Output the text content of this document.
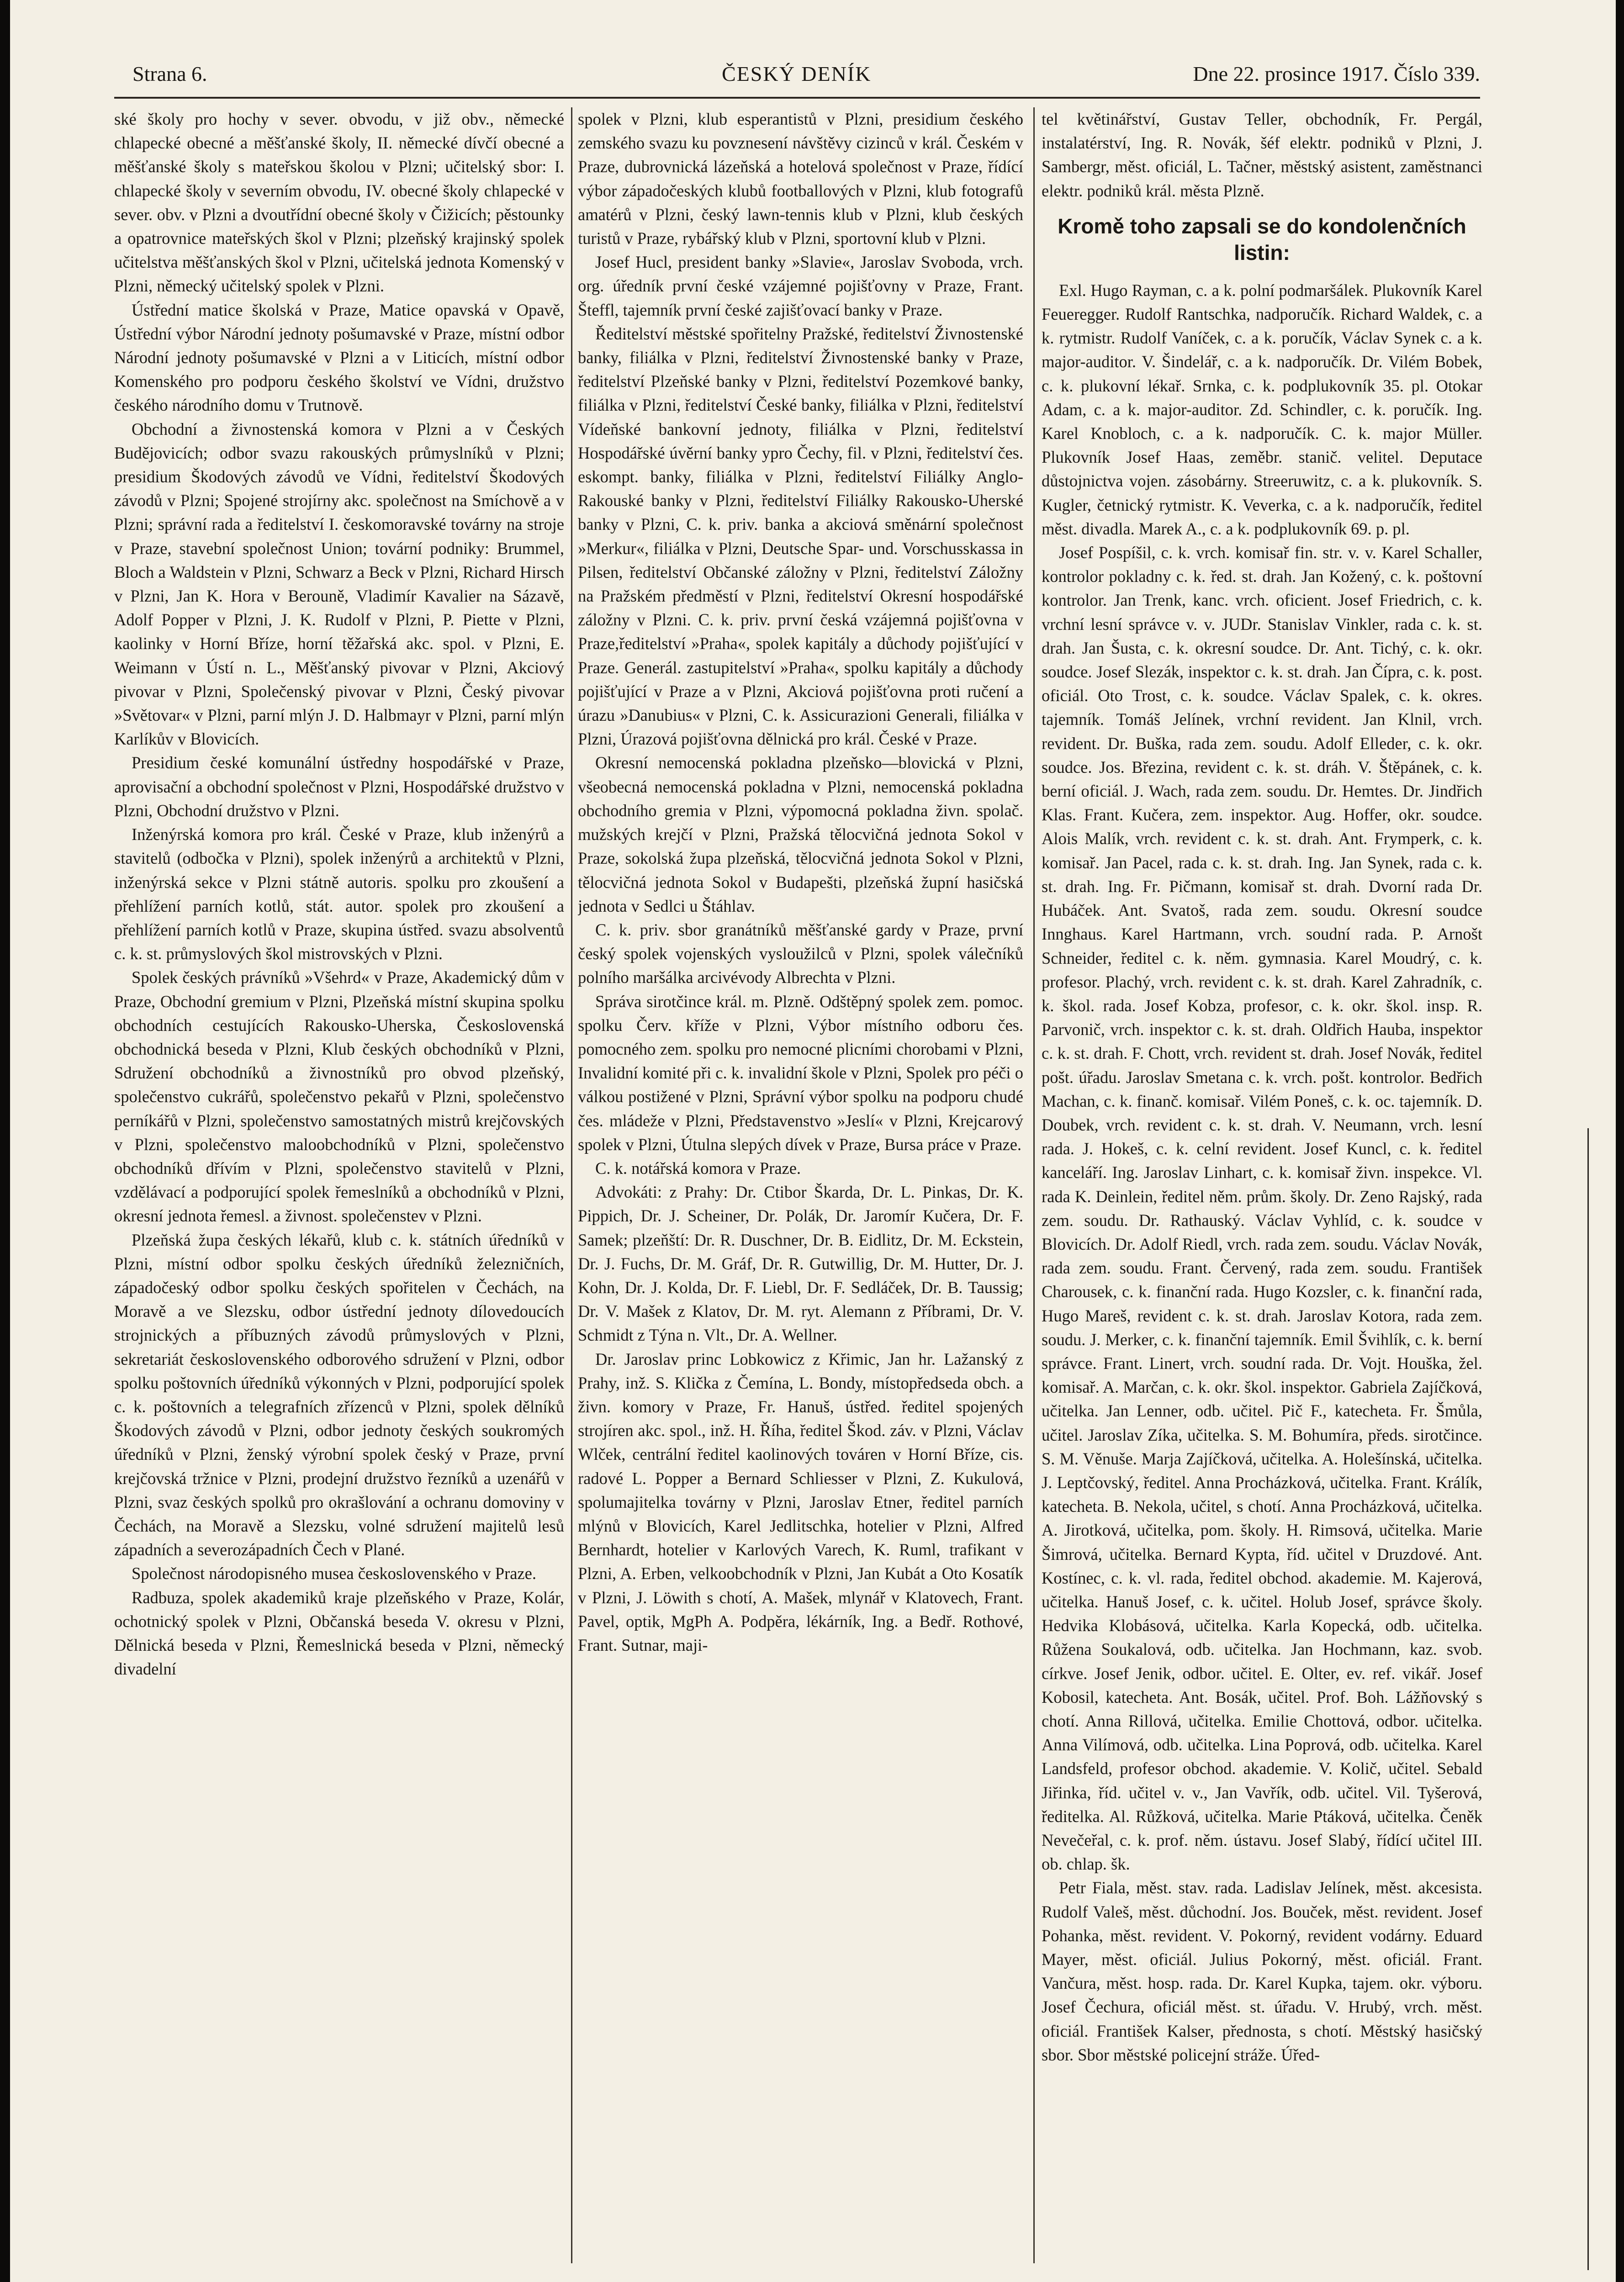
Strana 6.	ČESKÝ DENÍK	Dne 22. prosince 1917. Číslo 339.

ské školy pro hochy v sever. obvodu, v již obv., německé chlapecké obecné a měšťanské školy, II. německé dívčí obecné a měšťanské školy s mateřskou školou v Plzni; učitelský sbor: I. chlapecké školy v severním obvodu, IV. obecné školy chlapecké v sever. obv. v Plzni a dvoutřídní obecné školy v Čižicích; pěstounky a opatrovnice mateřských škol v Plzni; plzeňský krajinský spolek učitelstva měšťanských škol v Plzni, učitelská jednota Komenský v Plzni, německý učitelský spolek v Plzni.

Ústřední matice školská v Praze, Matice opavská v Opavě, Ústřední výbor Národní jednoty pošumavské v Praze, místní odbor Národní jednoty pošumavské v Plzni a v Liticích, místní odbor Komenského pro podporu českého školství ve Vídni, družstvo českého národního domu v Trutnově.

Obchodní a živnostenská komora v Plzni a v Českých Budějovicích; odbor svazu rakouských průmyslníků v Plzni; presidium Škodových závodů ve Vídni, ředitelství Škodových závodů v Plzni; Spojené strojírny akc. společnost na Smíchově a v Plzni; správní rada a ředitelství I. českomoravské továrny na stroje v Praze, stavební společnost Union; tovární podniky: Brummel, Bloch a Waldstein v Plzni, Schwarz a Beck v Plzni, Richard Hirsch v Plzni, Jan K. Hora v Berouně, Vladimír Kavalier na Sázavě, Adolf Popper v Plzni, J. K. Rudolf v Plzni, P. Piette v Plzni, kaolinky v Horní Bříze, horní těžařská akc. spol. v Plzni, E. Weimann v Ústí n. L., Měšťanský pivovar v Plzni, Akciový pivovar v Plzni, Společenský pivovar v Plzni, Český pivovar »Světovar« v Plzni, parní mlýn J. D. Halbmayr v Plzni, parní mlýn Karlíkův v Blovicích.

Presidium české komunální ústředny hospodářské v Praze, aprovisační a obchodní společnost v Plzni, Hospodářské družstvo v Plzni, Obchodní družstvo v Plzni.

Inženýrská komora pro král. České v Praze, klub inženýrů a stavitelů (odbočka v Plzni), spolek inženýrů a architektů v Plzni, inženýrská sekce v Plzni státně autoris. spolku pro zkoušení a přehlížení parních kotlů, stát. autor. spolek pro zkoušení a přehlížení parních kotlů v Praze, skupina ústřed. svazu absolventů c. k. st. průmyslových škol mistrovských v Plzni.

Spolek českých právníků »Všehrd« v Praze, Akademický dům v Praze, Obchodní gremium v Plzni, Plzeňská místní skupina spolku obchodních cestujících Rakousko-Uherska, Československá obchodnická beseda v Plzni, Klub českých obchodníků v Plzni, Sdružení obchodníků a živnostníků pro obvod plzeňský, společenstvo cukrářů, společenstvo pekařů v Plzni, společenstvo perníkářů v Plzni, společenstvo samostatných mistrů krejčovských v Plzni, společenstvo maloobchodníků v Plzni, společenstvo obchodníků dřívím v Plzni, společenstvo stavitelů v Plzni, vzdělávací a podporující spolek řemeslníků a obchodníků v Plzni, okresní jednota řemesl. a živnost. společenstev v Plzni.

Plzeňská župa českých lékařů, klub c. k. státních úředníků v Plzni, místní odbor spolku českých úředníků železničních, západočeský odbor spolku českých spořitelen v Čechách, na Moravě a ve Slezsku, odbor ústřední jednoty dílovedoucích strojnických a příbuzných závodů průmyslových v Plzni, sekretariát československého odborového sdružení v Plzni, odbor spolku poštovních úředníků výkonných v Plzni, podporující spolek c. k. poštovních a telegrafních zřízenců v Plzni, spolek dělníků Škodových závodů v Plzni, odbor jednoty českých soukromých úředníků v Plzni, ženský výrobní spolek český v Praze, první krejčovská tržnice v Plzni, prodejní družstvo řezníků a uzenářů v Plzni, svaz českých spolků pro okrašlování a ochranu domoviny v Čechách, na Moravě a Slezsku, volné sdružení majitelů lesů západních a severozápadních Čech v Plané.

Společnost národopisného musea československého v Praze.

Radbuza, spolek akademiků kraje plzeňského v Praze, Kolár, ochotnický spolek v Plzni, Občanská beseda V. okresu v Plzni, Dělnická beseda v Plzni, Řemeslnická beseda v Plzni, německý divadelní

spolek v Plzni, klub esperantistů v Plzni, presidium českého zemského svazu ku povznesení návštěvy cizinců v král. Českém v Praze, dubrovnická lázeňská a hotelová společnost v Praze, řídící výbor západočeských klubů footballových v Plzni, klub fotografů amatérů v Plzni, český lawn-tennis klub v Plzni, klub českých turistů v Praze, rybářský klub v Plzni, sportovní klub v Plzni.

Josef Hucl, president banky »Slavie«, Jaroslav Svoboda, vrch. org. úředník první české vzájemné pojišťovny v Praze, Frant. Šteffl, tajemník první české zajišťovací banky v Praze.

Ředitelství městské spořitelny Pražské, ředitelství Živnostenské banky, filiálka v Plzni, ředitelství Živnostenské banky v Praze, ředitelství Plzeňské banky v Plzni, ředitelství Pozemkové banky, filiálka v Plzni, ředitelství České banky, filiálka v Plzni, ředitelství Vídeňské bankovní jednoty, filiálka v Plzni, ředitelství Hospodářské úvěrní banky ypro Čechy, fil. v Plzni, ředitelství čes. eskompt. banky, filiálka v Plzni, ředitelství Filiálky Anglo-Rakouské banky v Plzni, ředitelství Filiálky Rakousko-Uherské banky v Plzni, C. k. priv. banka a akciová směnární společnost »Merkur«, filiálka v Plzni, Deutsche Spar- und. Vorschusskassa in Pilsen, ředitelství Občanské záložny v Plzni, ředitelství Záložny na Pražském předměstí v Plzni, ředitelství Okresní hospodářské záložny v Plzni. C. k. priv. první česká vzájemná pojišťovna v Praze,ředitelství »Praha«, spolek kapitály a důchody pojišťující v Praze. Generál. zastupitelství »Praha«, spolku kapitály a důchody pojišťující v Praze a v Plzni, Akciová pojišťovna proti ručení a úrazu »Danubius« v Plzni, C. k. Assicurazioni Generali, filiálka v Plzni, Úrazová pojišťovna dělnická pro král. České v Praze.

Okresní nemocenská pokladna plzeňsko—blovická v Plzni, všeobecná nemocenská pokladna v Plzni, nemocenská pokladna obchodního gremia v Plzni, výpomocná pokladna živn. spolač. mužských krejčí v Plzni, Pražská tělocvičná jednota Sokol v Praze, sokolská župa plzeňská, tělocvičná jednota Sokol v Plzni, tělocvičná jednota Sokol v Budapešti, plzeňská župní hasičská jednota v Sedlci u Štáhlav.

C. k. priv. sbor granátníků měšťanské gardy v Praze, první český spolek vojenských vysloužilců v Plzni, spolek válečníků polního maršálka arcivévody Albrechta v Plzni.

Správa sirotčince král. m. Plzně. Odštěpný spolek zem. pomoc. spolku Červ. kříže v Plzni, Výbor místního odboru čes. pomocného zem. spolku pro nemocné plicními chorobami v Plzni, Invalidní komité při c. k. invalidní škole v Plzni, Spolek pro péči o válkou postižené v Plzni, Správní výbor spolku na podporu chudé čes. mládeže v Plzni, Představenstvo »Jeslí« v Plzni, Krejcarový spolek v Plzni, Útulna slepých dívek v Praze, Bursa práce v Praze.

C. k. notářská komora v Praze.

Advokáti: z Prahy: Dr. Ctibor Škarda, Dr. L. Pinkas, Dr. K. Pippich, Dr. J. Scheiner, Dr. Polák, Dr. Jaromír Kučera, Dr. F. Samek; plzeňští: Dr. R. Duschner, Dr. B. Eidlitz, Dr. M. Eckstein, Dr. J. Fuchs, Dr. M. Gráf, Dr. R. Gutwillig, Dr. M. Hutter, Dr. J. Kohn, Dr. J. Kolda, Dr. F. Liebl, Dr. F. Sedláček, Dr. B. Taussig; Dr. V. Mašek z Klatov, Dr. M. ryt. Alemann z Příbrami, Dr. V. Schmidt z Týna n. Vlt., Dr. A. Wellner.

Dr. Jaroslav princ Lobkowicz z Křimic, Jan hr. Lažanský z Prahy, inž. S. Klička z Čemína, L. Bondy, místopředseda obch. a živn. komory v Praze, Fr. Hanuš, ústřed. ředitel spojených strojíren akc. spol., inž. H. Říha, ředitel Škod. záv. v Plzni, Václav Wlček, centrální ředitel kaolinových továren v Horní Bříze, cis. radové L. Popper a Bernard Schliesser v Plzni, Z. Kukulová, spolumajitelka továrny v Plzni, Jaroslav Etner, ředitel parních mlýnů v Blovicích, Karel Jedlitschka, hotelier v Plzni, Alfred Bernhardt, hotelier v Karlových Varech, K. Ruml, trafikant v Plzni, A. Erben, velkoobchodník v Plzni, Jan Kubát a Oto Kosatík v Plzni, J. Löwith s chotí, A. Mašek, mlynář v Klatovech, Frant. Pavel, optik, MgPh A. Podpěra, lékárník, Ing. a Bedř. Rothové, Frant. Sutnar, maji-

tel květinářství, Gustav Teller, obchodník, Fr. Pergál, instalatérství, Ing. R. Novák, šéf elektr. podniků v Plzni, J. Sambergr, měst. oficiál, L. Tačner, městský asistent, zaměstnanci elektr. podniků král. města Plzně.

Kromě toho zapsali se do kondolenčních listin:

Exl. Hugo Rayman, c. a k. polní podmaršálek. Plukovník Karel Feueregger. Rudolf Rantschka, nadporučík. Richard Waldek, c. a k. rytmistr. Rudolf Vaníček, c. a k. poručík, Václav Synek c. a k. major-auditor. V. Šindelář, c. a k. nadporučík. Dr. Vilém Bobek, c. k. plukovní lékař. Srnka, c. k. podplukovník 35. pl. Otokar Adam, c. a k. major-auditor. Zd. Schindler, c. k. poručík. Ing. Karel Knobloch, c. a k. nadporučík. C. k. major Müller. Plukovník Josef Haas, zeměbr. stanič. velitel. Deputace důstojnictva vojen. zásobárny. Streeruwitz, c. a k. plukovník. S. Kugler, četnický rytmistr. K. Veverka, c. a k. nadporučík, ředitel měst. divadla. Marek A., c. a k. podplukovník 69. p. pl.

Josef Pospíšil, c. k. vrch. komisař fin. str. v. v. Karel Schaller, kontrolor pokladny c. k. řed. st. drah. Jan Kožený, c. k. poštovní kontrolor. Jan Trenk, kanc. vrch. oficient. Josef Friedrich, c. k. vrchní lesní správce v. v. JUDr. Stanislav Vinkler, rada c. k. st. drah. Jan Šusta, c. k. okresní soudce. Dr. Ant. Tichý, c. k. okr. soudce. Josef Slezák, inspektor c. k. st. drah. Jan Čípra, c. k. post. oficiál. Oto Trost, c. k. soudce. Václav Spalek, c. k. okres. tajemník. Tomáš Jelínek, vrchní revident. Jan Klnil, vrch. revident. Dr. Buška, rada zem. soudu. Adolf Elleder, c. k. okr. soudce. Jos. Březina, revident c. k. st. dráh. V. Štěpánek, c. k. berní oficiál. J. Wach, rada zem. soudu. Dr. Hemtes. Dr. Jindřich Klas. Frant. Kučera, zem. inspektor. Aug. Hoffer, okr. soudce. Alois Malík, vrch. revident c. k. st. drah. Ant. Frymperk, c. k. komisař. Jan Pacel, rada c. k. st. drah. Ing. Jan Synek, rada c. k. st. drah. Ing. Fr. Pičmann, komisař st. drah. Dvorní rada Dr. Hubáček. Ant. Svatoš, rada zem. soudu. Okresní soudce Innghaus. Karel Hartmann, vrch. soudní rada. P. Arnošt Schneider, ředitel c. k. něm. gymnasia. Karel Moudrý, c. k. profesor. Plachý, vrch. revident c. k. st. drah. Karel Zahradník, c. k. škol. rada. Josef Kobza, profesor, c. k. okr. škol. insp. R. Parvonič, vrch. inspektor c. k. st. drah. Oldřich Hauba, inspektor c. k. st. drah. F. Chott, vrch. revident st. drah. Josef Novák, ředitel pošt. úřadu. Jaroslav Smetana c. k. vrch. pošt. kontrolor. Bedřich Machan, c. k. finanč. komisař. Vilém Poneš, c. k. oc. tajemník. D. Doubek, vrch. revident c. k. st. drah. V. Neumann, vrch. lesní rada. J. Hokeš, c. k. celní revident. Josef Kuncl, c. k. ředitel kanceláří. Ing. Jaroslav Linhart, c. k. komisař živn. inspekce. Vl. rada K. Deinlein, ředitel něm. prům. školy. Dr. Zeno Rajský, rada zem. soudu. Dr. Rathauský. Václav Vyhlíd, c. k. soudce v Blovicích. Dr. Adolf Riedl, vrch. rada zem. soudu. Václav Novák, rada zem. soudu. Frant. Červený, rada zem. soudu. František Charousek, c. k. finanční rada. Hugo Kozsler, c. k. finanční rada, Hugo Mareš, revident c. k. st. drah. Jaroslav Kotora, rada zem. soudu. J. Merker, c. k. finanční tajemník. Emil Švihlík, c. k. berní správce. Frant. Linert, vrch. soudní rada. Dr. Vojt. Houška, žel. komisař. A. Marčan, c. k. okr. škol. inspektor. Gabriela Zajíčková, učitelka. Jan Lenner, odb. učitel. Pič F., katecheta. Fr. Šmůla, učitel. Jaroslav Zíka, učitelka. S. M. Bohumíra, předs. sirotčince. S. M. Věnuše. Marja Zajíčková, učitelka. A. Holešínská, učitelka. J. Leptčovský, ředitel. Anna Procházková, učitelka. Frant. Králík, katecheta. B. Nekola, učitel, s chotí. Anna Procházková, učitelka. A. Jirotková, učitelka, pom. školy. H. Rimsová, učitelka. Marie Šimrová, učitelka. Bernard Kypta, říd. učitel v Druzdové. Ant. Kostínec, c. k. vl. rada, ředitel obchod. akademie. M. Kajerová, učitelka. Hanuš Josef, c. k. učitel. Holub Josef, správce školy. Hedvika Klobásová, učitelka. Karla Kopecká, odb. učitelka. Růžena Soukalová, odb. učitelka. Jan Hochmann, kaz. svob. církve. Josef Jenik, odbor. učitel. E. Olter, ev. ref. vikář. Josef Kobosil, katecheta. Ant. Bosák, učitel. Prof. Boh. Lážňovský s chotí. Anna Rillová, učitelka. Emilie Chottová, odbor. učitelka. Anna Vilímová, odb. učitelka. Lina Poprová, odb. učitelka. Karel Landsfeld, profesor obchod. akademie. V. Količ, učitel. Sebald Jiřinka, říd. učitel v. v., Jan Vavřík, odb. učitel. Vil. Tyšerová, ředitelka. Al. Růžková, učitelka. Marie Ptáková, učitelka. Čeněk Nevečeřal, c. k. prof. něm. ústavu. Josef Slabý, řídící učitel III. ob. chlap. šk.

Petr Fiala, měst. stav. rada. Ladislav Jelínek, měst. akcesista. Rudolf Valeš, měst. důchodní. Jos. Bouček, měst. revident. Josef Pohanka, měst. revident. V. Pokorný, revident vodárny. Eduard Mayer, měst. oficiál. Julius Pokorný, měst. oficiál. Frant. Vančura, měst. hosp. rada. Dr. Karel Kupka, tajem. okr. výboru. Josef Čechura, oficiál měst. st. úřadu. V. Hrubý, vrch. měst. oficiál. František Kalser, přednosta, s chotí. Městský hasičský sbor. Sbor městské policejní stráže. Úřed-
